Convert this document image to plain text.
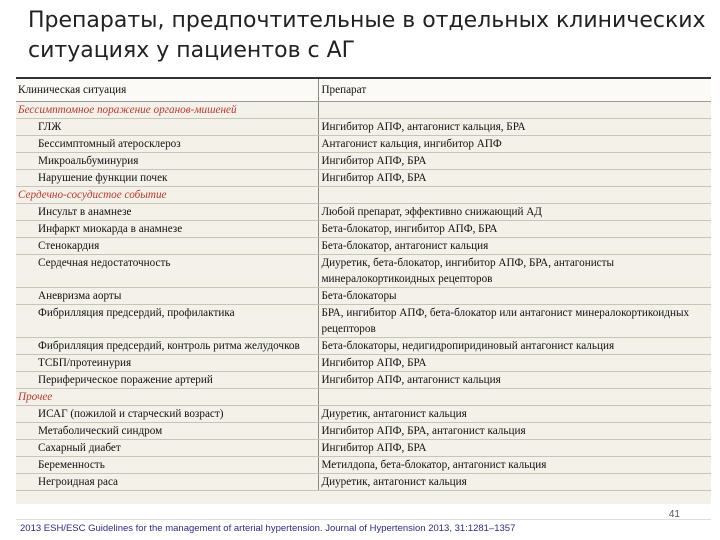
Препараты, предпочтительные в отдельных клинических ситуациях у пациентов с АГ
Клиническая ситуация	Препарат
Бессимптомное поражение органов-мишеней	
ГЛЖ	Ингибитор АПФ, антагонист кальция, БРА
Бессимптомный атеросклероз	Антагонист кальция, ингибитор АПФ
Микроальбуминурия	Ингибитор АПФ, БРА
Нарушение функции почек	Ингибитор АПФ, БРА
Сердечно-сосудистое событие	
Инсульт в анамнезе	Любой препарат, эффективно снижающий АД
Инфаркт миокарда в анамнезе	Бета-блокатор, ингибитор АПФ, БРА
Стенокардия	Бета-блокатор, антагонист кальция
Сердечная недостаточность	Диуретик, бета-блокатор, ингибитор АПФ, БРА, антагонисты минералокортикоидных рецепторов
Аневризма аорты	Бета-блокаторы
Фибрилляция предсердий, профилактика	БРА, ингибитор АПФ, бета-блокатор или антагонист минералокортикоидных рецепторов
Фибрилляция предсердий, контроль ритма желудочков	Бета-блокаторы, недигидропиридиновый антагонист кальция
ТСБП/протеинурия	Ингибитор АПФ, БРА
Периферическое поражение артерий	Ингибитор АПФ, антагонист кальция
Прочее	
ИСАГ (пожилой и старческий возраст)	Диуретик, антагонист кальция
Метаболический синдром	Ингибитор АПФ, БРА, антагонист кальция
Сахарный диабет	Ингибитор АПФ, БРА
Беременность	Метилдопа, бета-блокатор, антагонист кальция
Негроидная раса	Диуретик, антагонист кальция
41
2013 ESH/ESC Guidelines for the management of arterial hypertension. Journal of Hypertension 2013, 31:1281–1357
